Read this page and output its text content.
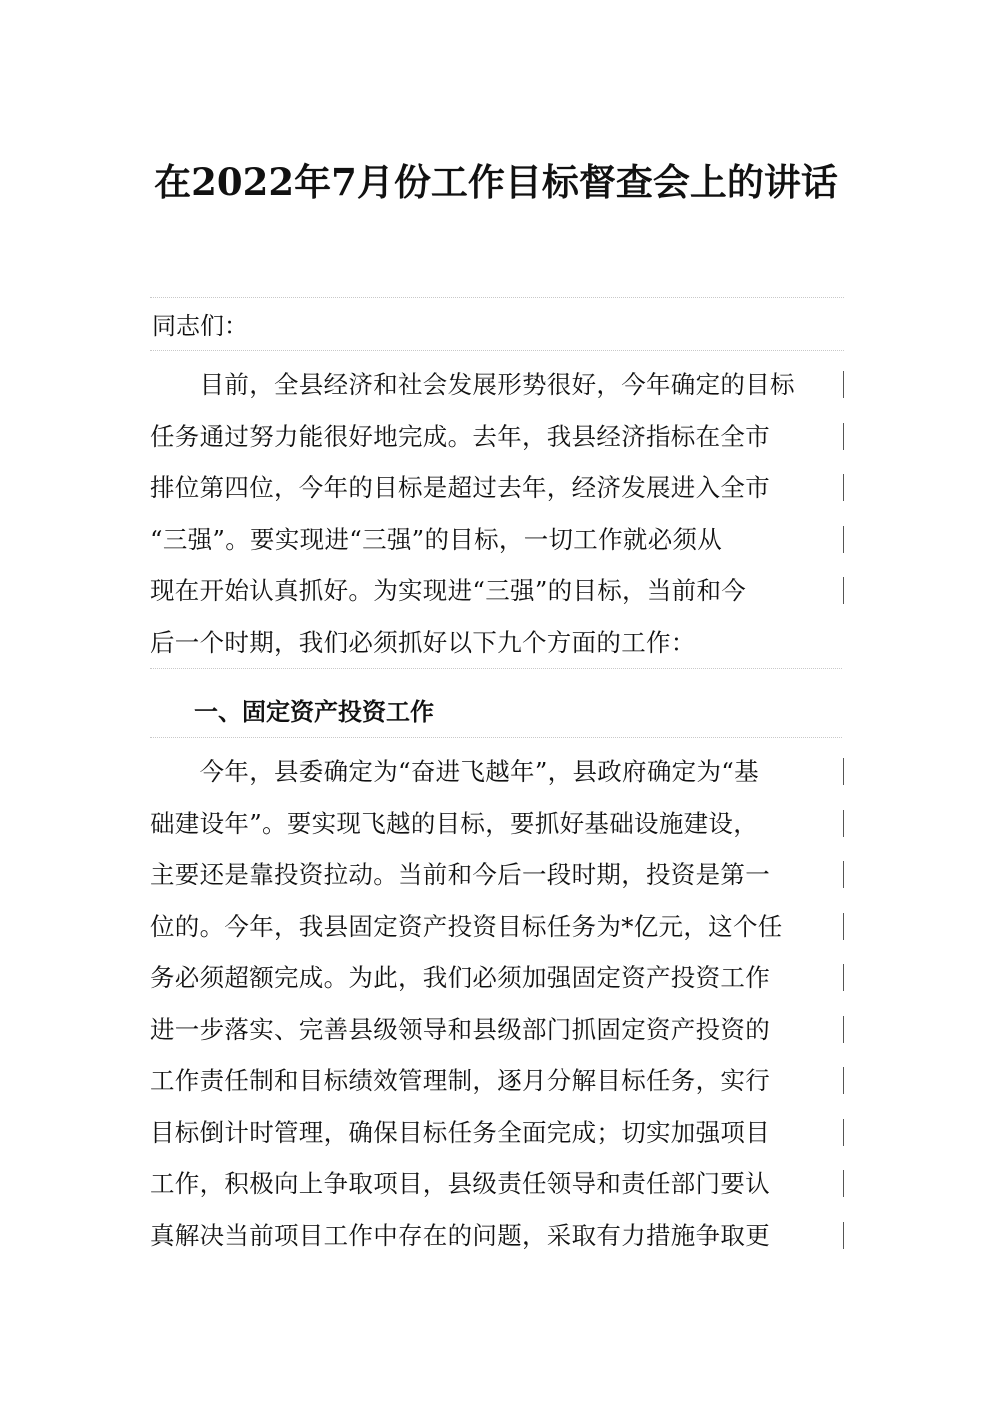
在2022年7月份工作目标督查会上的讲话
同志们：
　　目前，全县经济和社会发展形势很好，今年确定的目标
任务通过努力能很好地完成。去年，我县经济指标在全市
排位第四位，今年的目标是超过去年，经济发展进入全市
“三强”。要实现进“三强”的目标，一切工作就必须从
现在开始认真抓好。为实现进“三强”的目标，当前和今
后一个时期，我们必须抓好以下九个方面的工作：
一、固定资产投资工作
　　今年，县委确定为“奋进飞越年”，县政府确定为“基
础建设年”。要实现飞越的目标，要抓好基础设施建设，
主要还是靠投资拉动。当前和今后一段时期，投资是第一
位的。今年，我县固定资产投资目标任务为*亿元，这个任
务必须超额完成。为此，我们必须加强固定资产投资工作
进一步落实、完善县级领导和县级部门抓固定资产投资的
工作责任制和目标绩效管理制，逐月分解目标任务，实行
目标倒计时管理，确保目标任务全面完成；切实加强项目
工作，积极向上争取项目，县级责任领导和责任部门要认
真解决当前项目工作中存在的问题，采取有力措施争取更
